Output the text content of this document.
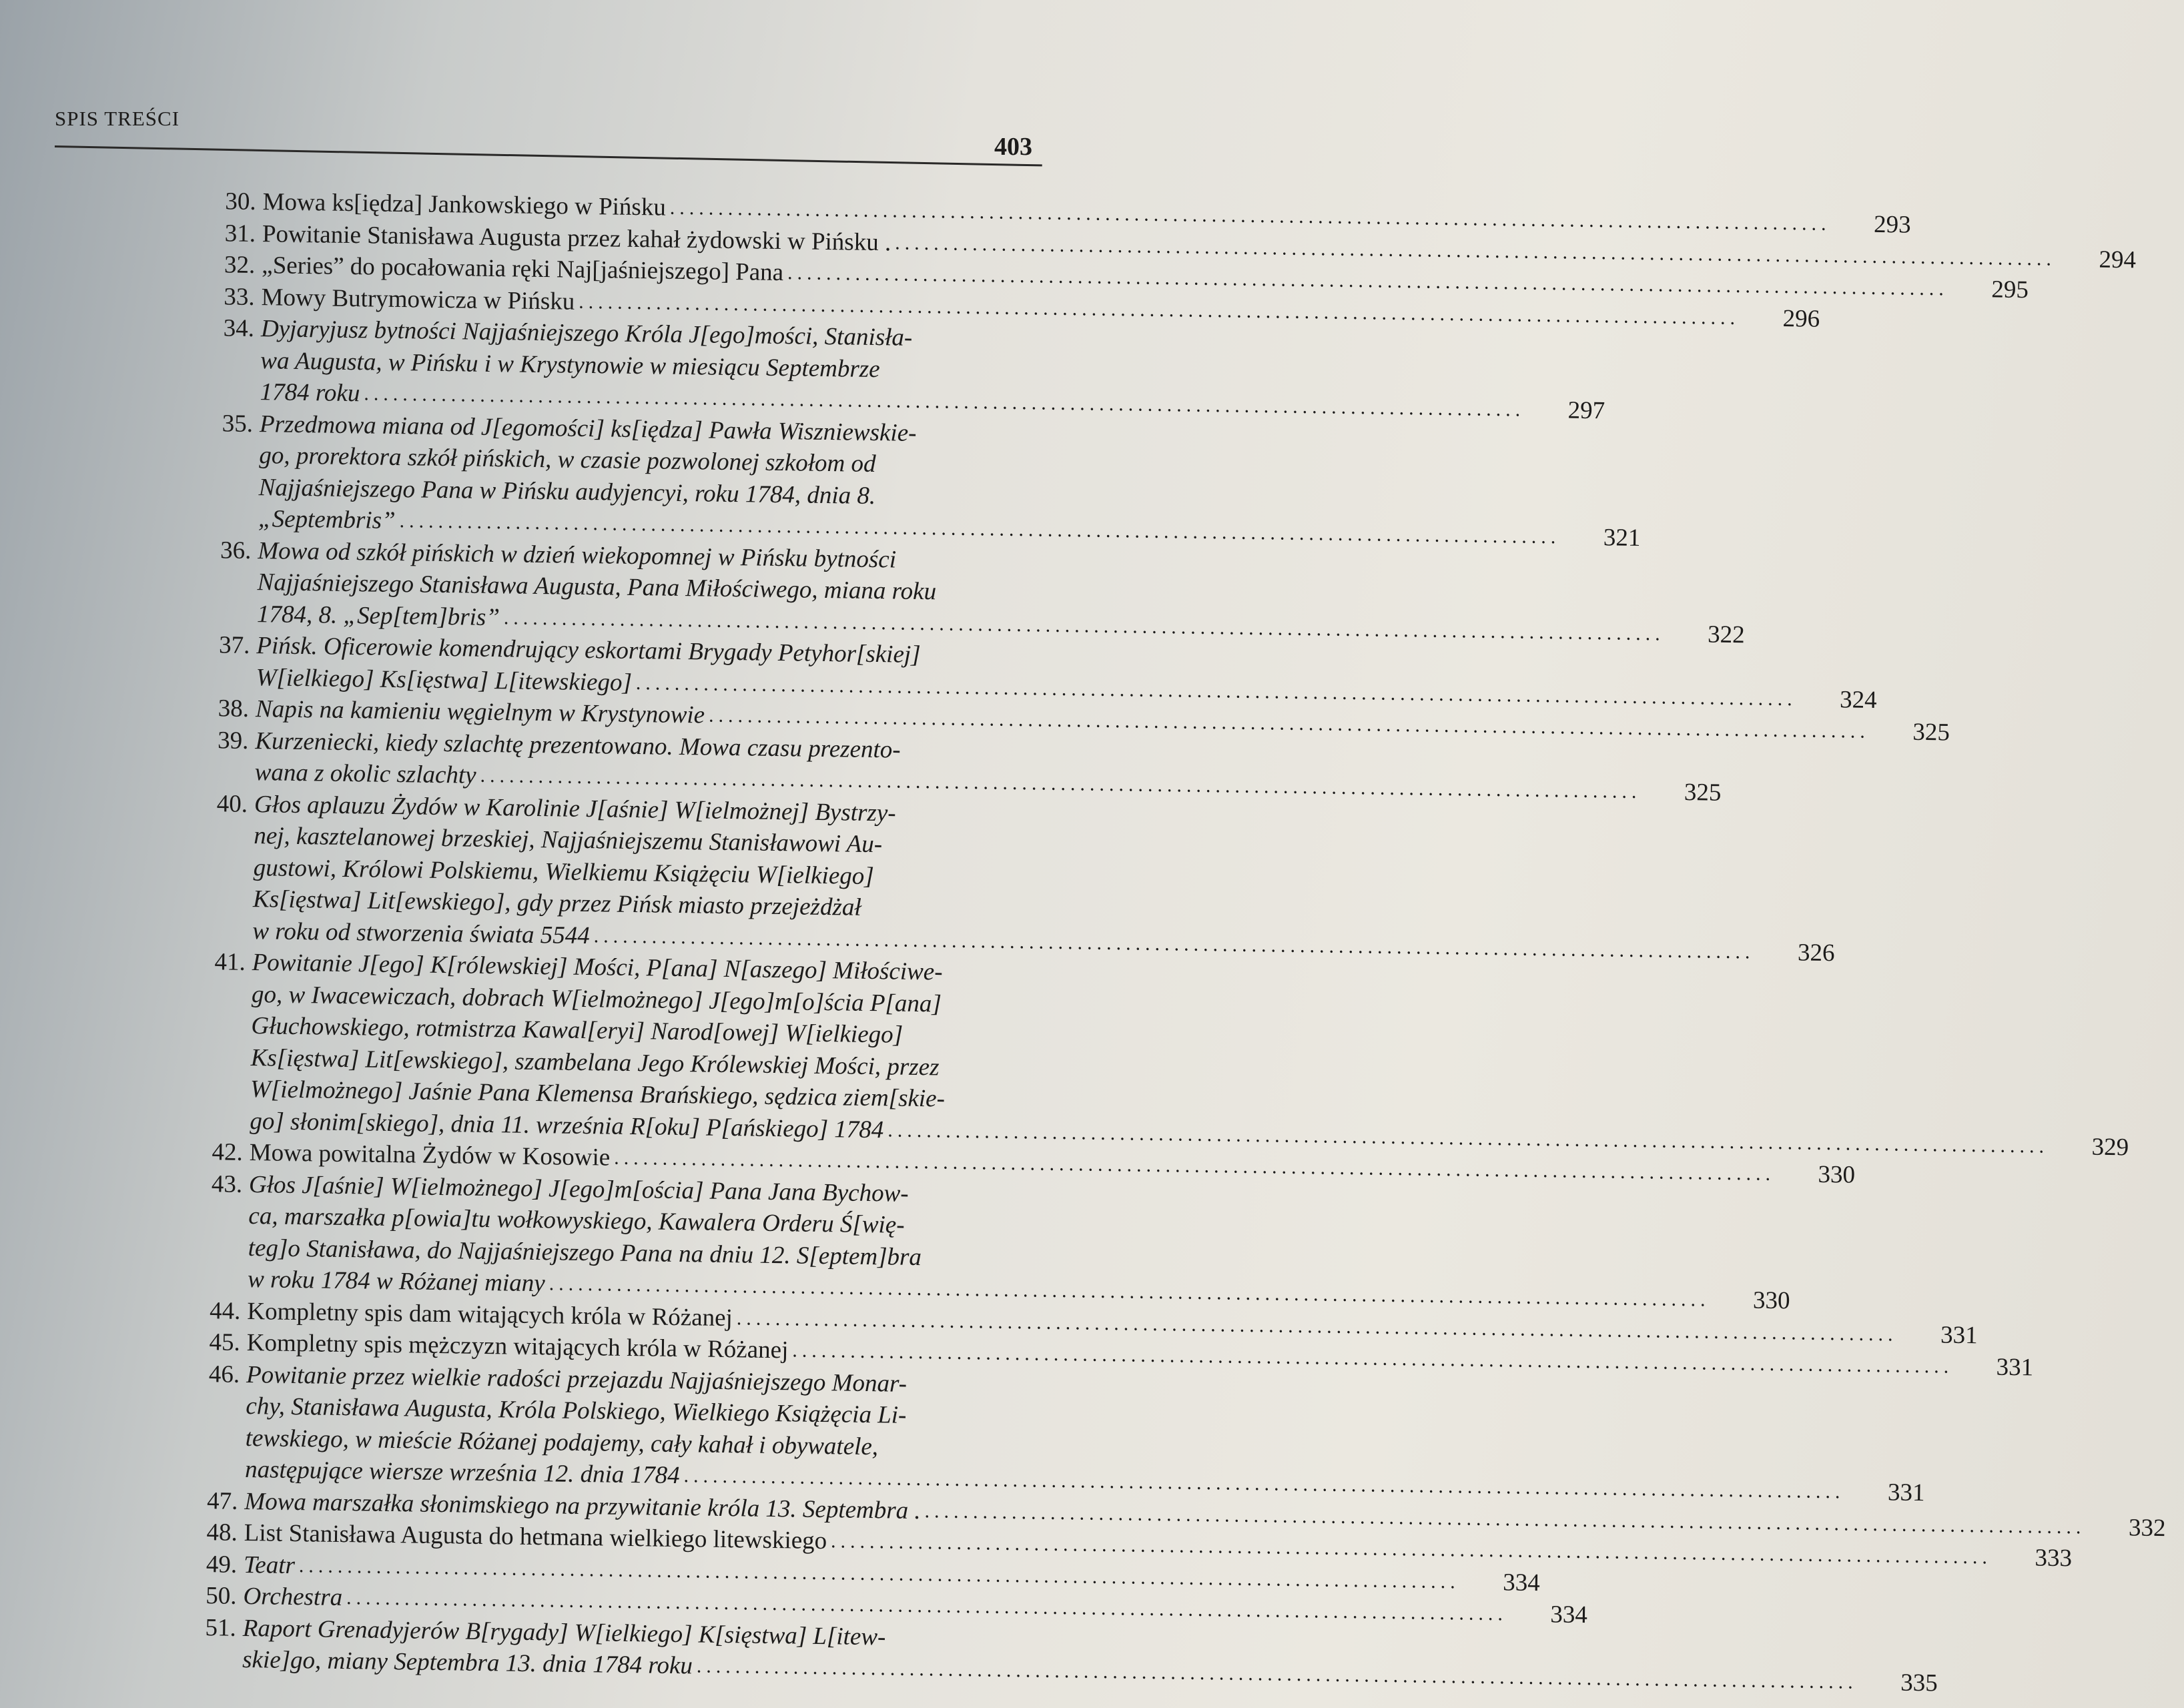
SPIS TREŚCI
403
30. Mowa ks[iędza] Jankowskiego w Pińsku ........................................................................................................................	293
31. Powitanie Stanisława Augusta przez kahał żydowski w Pińsku . ........................................................................................................................	294
32. „Series” do pocałowania ręki Naj[jaśniejszego] Pana ........................................................................................................................	295
33. Mowy Butrymowicza w Pińsku ........................................................................................................................	296
34. Dyjaryjusz bytności Najjaśniejszego Króla J[ego]mości, Stanisła-
wa Augusta, w Pińsku i w Krystynowie w miesiącu Septembrze
1784 roku ........................................................................................................................	297
35. Przedmowa miana od J[egomości] ks[iędza] Pawła Wiszniewskie-
go, prorektora szkół pińskich, w czasie pozwolonej szkołom od
Najjaśniejszego Pana w Pińsku audyjencyi, roku 1784, dnia 8.
„Septembris” ........................................................................................................................	321
36. Mowa od szkół pińskich w dzień wiekopomnej w Pińsku bytności
Najjaśniejszego Stanisława Augusta, Pana Miłościwego, miana roku
1784, 8. „Sep[tem]bris” ........................................................................................................................	322
37. Pińsk. Oficerowie komendrujący eskortami Brygady Petyhor[skiej]
W[ielkiego] Ks[ięstwa] L[itewskiego] ........................................................................................................................	324
38. Napis na kamieniu węgielnym w Krystynowie ........................................................................................................................	325
39. Kurzeniecki, kiedy szlachtę prezentowano. Mowa czasu prezento-
wana z okolic szlachty ........................................................................................................................	325
40. Głos aplauzu Żydów w Karolinie J[aśnie] W[ielmożnej] Bystrzy-
nej, kasztelanowej brzeskiej, Najjaśniejszemu Stanisławowi Au-
gustowi, Królowi Polskiemu, Wielkiemu Książęciu W[ielkiego]
Ks[ięstwa] Lit[ewskiego], gdy przez Pińsk miasto przejeżdżał
w roku od stworzenia świata 5544 ........................................................................................................................	326
41. Powitanie J[ego] K[rólewskiej] Mości, P[ana] N[aszego] Miłościwe-
go, w Iwacewiczach, dobrach W[ielmożnego] J[ego]m[o]ścia P[ana]
Głuchowskiego, rotmistrza Kawal[eryi] Narod[owej] W[ielkiego]
Ks[ięstwa] Lit[ewskiego], szambelana Jego Królewskiej Mości, przez
W[ielmożnego] Jaśnie Pana Klemensa Brańskiego, sędzica ziem[skie-
go] słonim[skiego], dnia 11. września R[oku] P[ańskiego] 1784 ........................................................................................................................	329
42. Mowa powitalna Żydów w Kosowie ........................................................................................................................	330
43. Głos J[aśnie] W[ielmożnego] J[ego]m[ościa] Pana Jana Bychow-
ca, marszałka p[owia]tu wołkowyskiego, Kawalera Orderu Ś[wię-
teg]o Stanisława, do Najjaśniejszego Pana na dniu 12. S[eptem]bra
w roku 1784 w Różanej miany ........................................................................................................................	330
44. Kompletny spis dam witających króla w Różanej ........................................................................................................................	331
45. Kompletny spis mężczyzn witających króla w Różanej ........................................................................................................................	331
46. Powitanie przez wielkie radości przejazdu Najjaśniejszego Monar-
chy, Stanisława Augusta, Króla Polskiego, Wielkiego Książęcia Li-
tewskiego, w mieście Różanej podajemy, cały kahał i obywatele,
następujące wiersze września 12. dnia 1784 ........................................................................................................................	331
47. Mowa marszałka słonimskiego na przywitanie króla 13. Septembra . ........................................................................................................................	332
48. List Stanisława Augusta do hetmana wielkiego litewskiego ........................................................................................................................	333
49. Teatr ........................................................................................................................	334
50. Orchestra ........................................................................................................................	334
51. Raport Grenadyjerów B[rygady] W[ielkiego] K[sięstwa] L[itew-
skie]go, miany Septembra 13. dnia 1784 roku ........................................................................................................................	335
